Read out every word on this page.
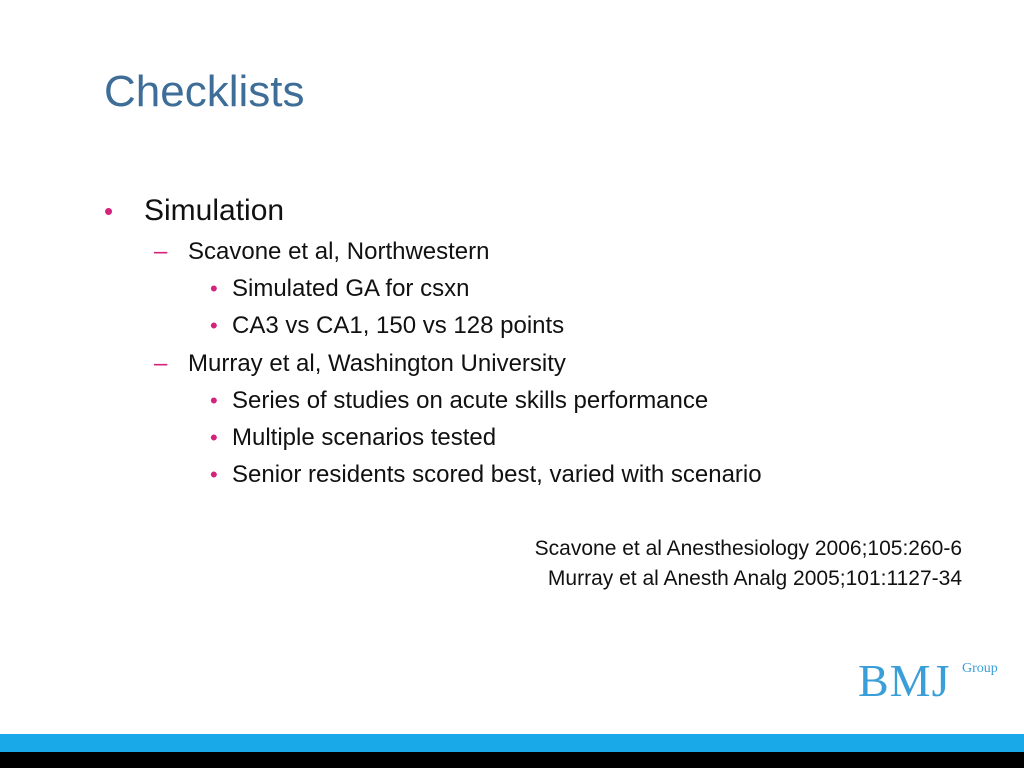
Checklists
• Simulation
– Scavone et al, Northwestern
• Simulated GA for csxn
• CA3 vs CA1, 150 vs 128 points
– Murray et al, Washington University
• Series of studies on acute skills performance
• Multiple scenarios tested
• Senior residents scored best, varied with scenario
Scavone et al Anesthesiology 2006;105:260-6
Murray et al Anesth Analg 2005;101:1127-34
BMJ Group
